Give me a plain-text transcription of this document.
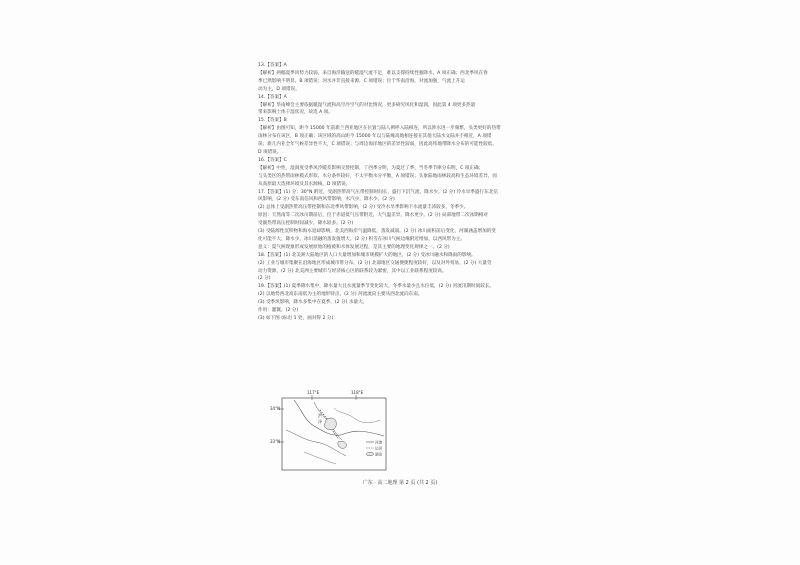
13.【答案】A
【解析】两幅夏季风势力较弱，来自海洋输送的暖湿气流不足，难以支撑持续性强降水，A 项正确；西北季风在春
季已然影响不明显，B 项错误；河水并非直接来源，C 项错误；位于华南沿海，对流加强，气流上升运
动为主，D 项错误。
14.【答案】A
【解析】华南峰会主要依据暖湿气流和高空冷空气的对比情况，更多研究风化和湿润，因此第 4 项更多热量
带来影响土体干湿状况，故选 A 项。
15.【答案】B
【解析】由图可知，距今 15000 年前新兰西亚地区在位置与陆人例呼入陆相连，所以涉水进一步频繁，头类更好的热带
雨林分布在该区，B 项正确；该区域的高山距今 15000 年以与陆缘高地相连接在其他大陆水文陆并不相近，A 项错
误；新几内亚全年气候差异性不大，C 项错误；与周边海洋地区的差异性较弱，因此高纬地带降水分布的可能性较低，
D 项错误。
16.【答案】C
【解析】中性，湿润度受季风冷暖差影响交替控制，丁西季分明，为夏过了季，当冬季节律分布明，C 项正确；
与头类区的热带雨林模式形似，水分条件较好，不太平衡水分平衡，A 项错误；头象陆地雨林较高和生态环境差异，而
从高原最大选择环境及其水源核，D 项错误。
17.【答案】(1) 分：30°N 附近，受副热带高气压带控制时间长，盛行下沉气流，降水少。(2 分) 冷水旱季盛行东北信
风影响，(2 分) 受东南信风和西风带影响，水汽少，降水少。(2 分)
(2) 总体上受副热带高压带控制和东北季风带影响，(2 分) 受冷水旱季影响下水流量丰沛较多，冬季少。
原因：天然南等二次冰川期前后，位于赤道低气压带附近，大气温差异，降水更少。(2 分) 局部地带二次冰期相对
受副热带高压控制时间减少，降水较多。(2 分)
(3) 受陆源性沉积物和海水退却影响，北美西海岸气温降低，蒸发减弱。(2 分) 冰川面积前后变化，河湖涵盖增加的变
化可能不大，降水少，冰川消融的蒸发值增大。(2 分) 积雪在冰川气候边缘附近增加，以西风带为主。
意义：夏气候现象形成发展原始的植被和水体发展过程，是其主要的地理变化规律之一。(2 分)
18.【答案】(1) 北美洲大陆地区的人口大量增加和城市规模扩大的地区，(2 分) 受冰川融水和降雨的影响。
(2) 工业与城市集聚在沿海地区形成城市带分布，(2 分) 北部地区交通便捷程度较好，以及对外贸易，(2 分) 大量劳
动力资源，(2 分) 北美洲主要城市与经济核心区的联系较为紧密，其中以工业联系程度较高。
(2 分)
19.【答案】(1) 夏季降水集中，降水量大且水流量季节变化较大，冬季水量少且水位低，(2 分) 河流汛期时间较长。
(2) 以地势西北高东南低为主的地形特点，(2 分) 河流流向主要从西北流向东南。
(3) 受季风影响，降水多集中在夏季，(2 分) 水量大。
作用：灌溉。(2 分)
(3) 如下图 (标出 1 处，画对得 2 分)：
117°E	118°E
34°N
33°N
洪
泽
河流
运河
湖泊
广东 · 高二地理 第 2 页 (共 2 页)
